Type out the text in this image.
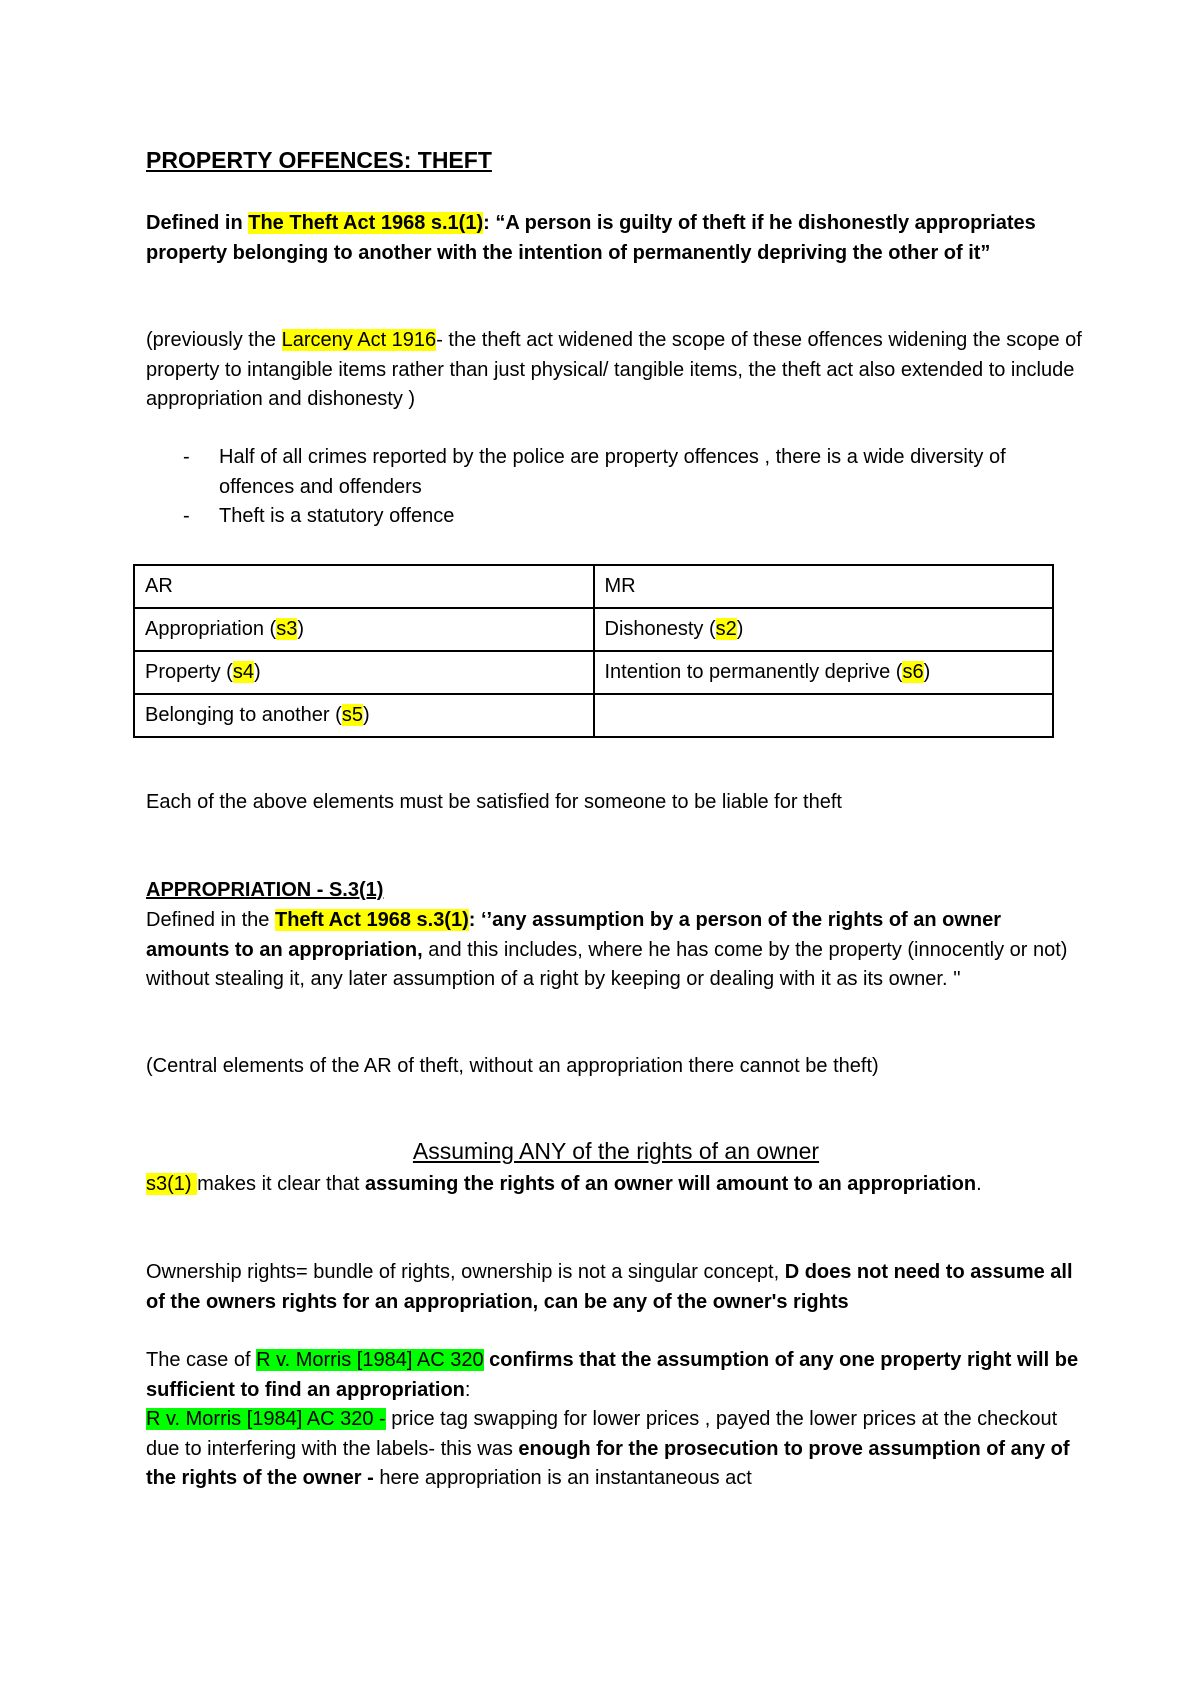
PROPERTY OFFENCES: THEFT
Defined in The Theft Act 1968 s.1(1): “A person is guilty of theft if he dishonestly appropriates property belonging to another with the intention of permanently depriving the other of it”
(previously the Larceny Act 1916- the theft act widened the scope of these offences widening the scope of property to intangible items rather than just physical/ tangible items, the theft act also extended to include appropriation and dishonesty )
- Half of all crimes reported by the police are property offences , there is a wide diversity of offences and offenders
- Theft is a statutory offence
AR	MR
Appropriation (s3)	Dishonesty (s2)
Property (s4)	Intention to permanently deprive (s6)
Belonging to another (s5)	
Each of the above elements must be satisfied for someone to be liable for theft
APPROPRIATION - S.3(1)
Defined in the Theft Act 1968 s.3(1): ‘’any assumption by a person of the rights of an owner amounts to an appropriation, and this includes, where he has come by the property (innocently or not) without stealing it, any later assumption of a right by keeping or dealing with it as its owner. ''
(Central elements of the AR of theft, without an appropriation there cannot be theft)
Assuming ANY of the rights of an owner
s3(1) makes it clear that assuming the rights of an owner will amount to an appropriation.
Ownership rights= bundle of rights, ownership is not a singular concept, D does not need to assume all of the owners rights for an appropriation, can be any of the owner's rights
The case of R v. Morris [1984] AC 320 confirms that the assumption of any one property right will be sufficient to find an appropriation:
R v. Morris [1984] AC 320 - price tag swapping for lower prices , payed the lower prices at the checkout due to interfering with the labels- this was enough for the prosecution to prove assumption of any of the rights of the owner - here appropriation is an instantaneous act
